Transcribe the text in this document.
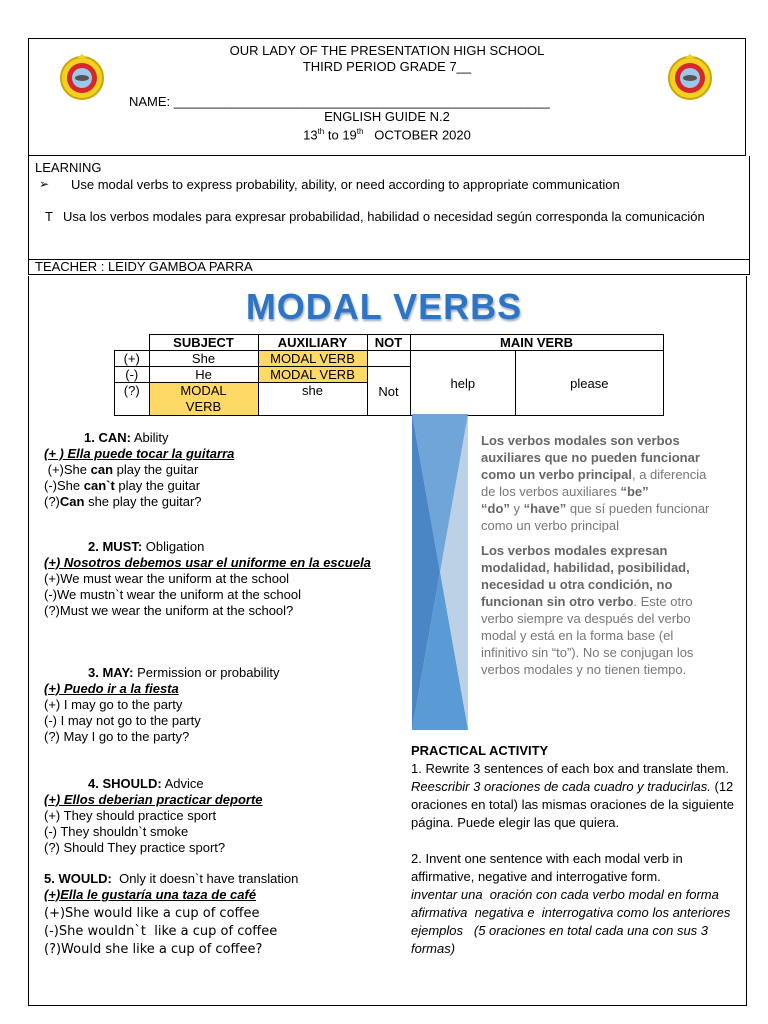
OUR LADY OF THE PRESENTATION HIGH SCHOOL
THIRD PERIOD GRADE 7__
NAME: ____________________________________________________
ENGLISH GUIDE N.2
13th to 19th   OCTOBER 2020
LEARNING
➢ Use modal verbs to express probability, ability, or need according to appropriate communication
T Usa los verbos modales para expresar probabilidad, habilidad o necesidad según corresponda la comunicación
TEACHER : LEIDY GAMBOA PARRA
MODAL VERBS
	SUBJECT	AUXILIARY	NOT	MAIN VERB	
(+)	She	MODAL VERB		help	please
(-)	He	MODAL VERB	Not		
(?)	MODAL VERB	she			

1. CAN: Ability

(+ ) Ella puede tocar la guitarra

(+)She can play the guitar

(-)She can`t play the guitar

(?)Can she play the guitar?

2. MUST: Obligation

(+) Nosotros debemos usar el uniforme en la escuela

(+)We must wear the uniform at the school

(-)We mustn`t wear the uniform at the school

(?)Must we wear the uniform at the school?

3. MAY: Permission or probability

(+) Puedo ir a la fiesta

(+) I may go to the party

(-) I may not go to the party

(?) May I go to the party?

4. SHOULD: Advice

(+) Ellos deberian practicar deporte

(+) They should practice sport

(-) They shouldn`t smoke

(?) Should They practice sport?

5. WOULD:  Only it doesn`t have translation

(+)Ella le gustaría una taza de café

(+)She would like a cup of coffee

(-)She wouldn`t  like a cup of coffee

(?)Would she like a cup of coffee?

Los verbos modales son verbos auxiliares que no pueden funcionar como un verbo principal, a diferencia de los verbos auxiliares “be”
“do” y “have” que sí pueden funcionar como un verbo principal

Los verbos modales expresan modalidad, habilidad, posibilidad, necesidad u otra condición, no funcionan sin otro verbo. Este otro verbo siempre va después del verbo modal y está en la forma base (el infinitivo sin “to”). No se conjugan los verbos modales y no tienen tiempo.

PRACTICAL ACTIVITY

1. Rewrite 3 sentences of each box and translate them. Reescribir 3 oraciones de cada cuadro y traducirlas. (12 oraciones en total) las mismas oraciones de la siguiente página. Puede elegir las que quiera.

2. Invent one sentence with each modal verb in affirmative, negative and interrogative form.

inventar una  oración con cada verbo modal en forma afirmativa  negativa e  interrogativa como los anteriores ejemplos   (5 oraciones en total cada una con sus 3 formas)
